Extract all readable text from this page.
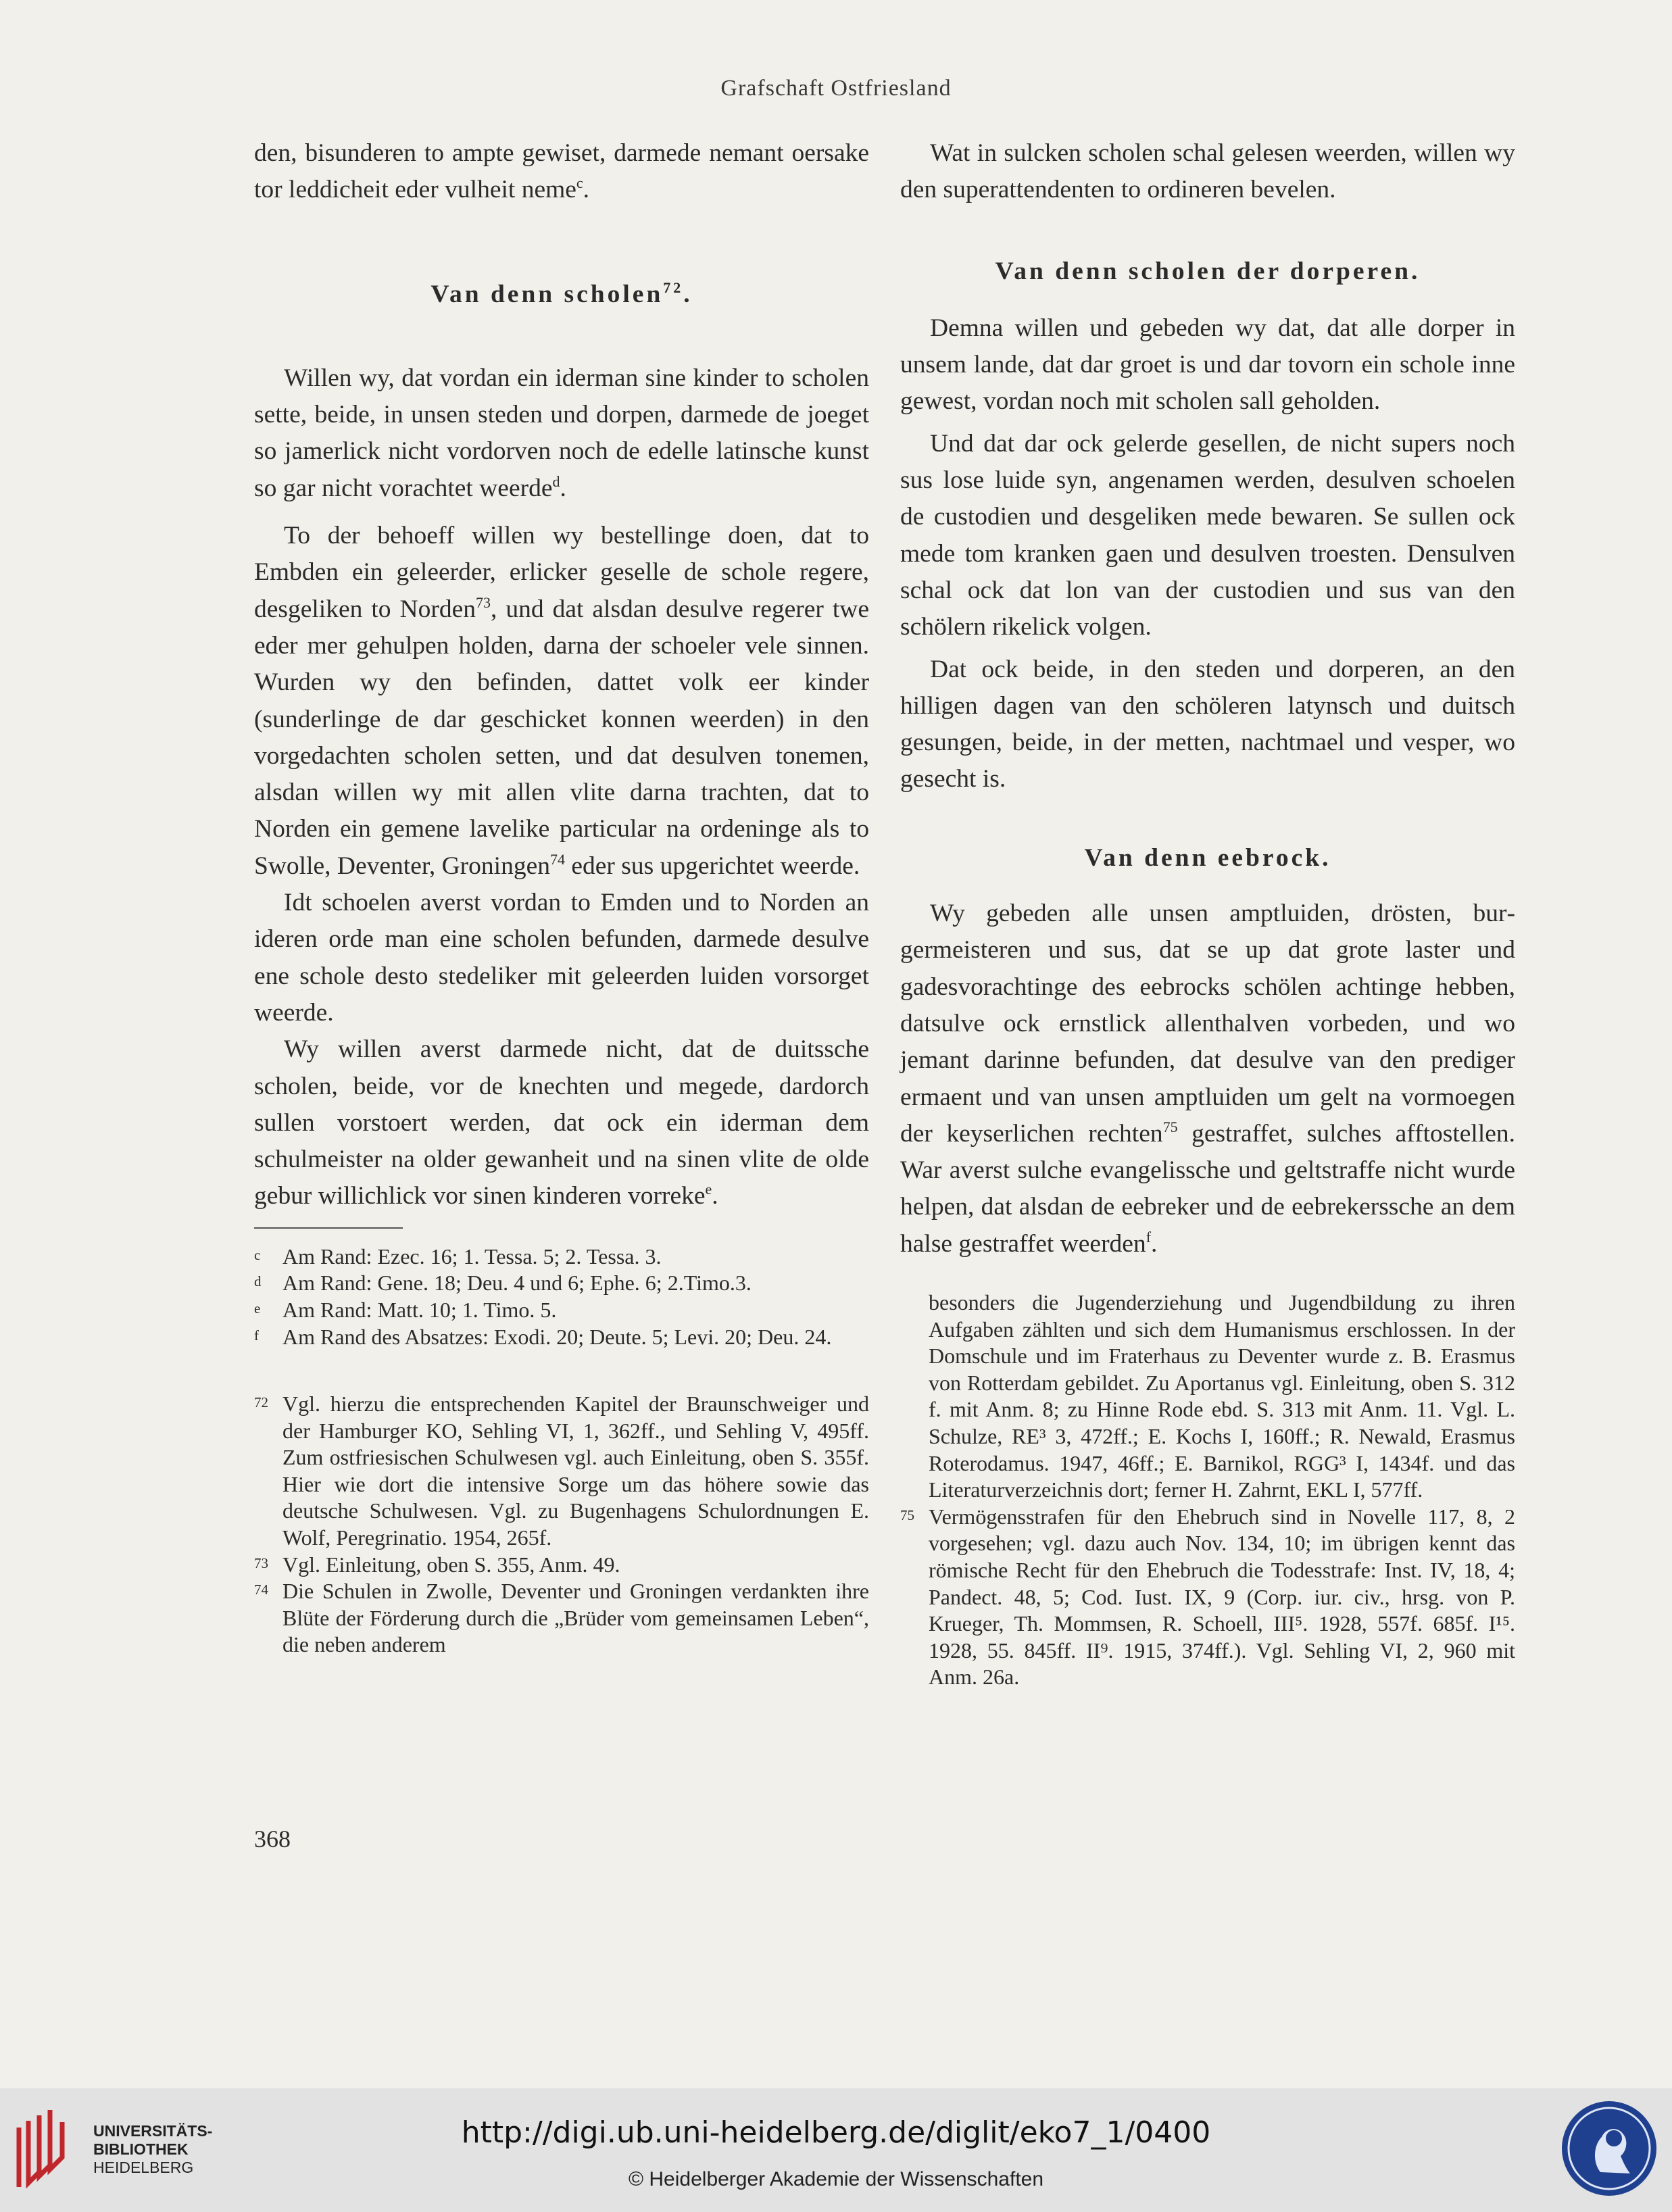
Grafschaft Ostfriesland

den, bisunderen to ampte gewiset, darmede nemant oersake tor leddicheit eder vulheit neme$^c$.

Van denn scholen$^{72}$.

Willen wy, dat vordan ein iderman sine kinder to scholen sette, beide, in unsen steden und dorpen, darmede de joeget so jamerlick nicht vordorven noch de edelle latinsche kunst so gar nicht vorachtet weerde$^d$.

To der behoeff willen wy bestellinge doen, dat to Embden ein geleerder, erlicker geselle de schole regere, desgeliken to Norden$^{73}$, und dat alsdan desulve regerer twe eder mer gehulpen holden, darna der schoeler vele sinnen. Wurden wy den befinden, dattet volk eer kinder (sunderlinge de dar geschicket konnen weerden) in den vorgedachten scholen setten, und dat desulven tonemen, alsdan willen wy mit allen vlite darna trachten, dat to Norden ein gemene lavelike particular na ordeninge als to Swolle, Deventer, Groningen$^{74}$ eder sus upgerichtet weerde.

Idt schoelen averst vordan to Emden und to Norden an ideren orde man eine scholen befunden, darmede desulve ene schole desto stedeliker mit geleerden luiden vorsorget weerde.

Wy willen averst darmede nicht, dat de duitssche scholen, beide, vor de knechten und megede, dardorch sullen vorstoert werden, dat ock ein iderman dem schulmeister na older gewanheit und na sinen vlite de olde gebur willichlick vor sinen kinderen vorreke$^e$.

c Am Rand: Ezec. 16; 1. Tessa. 5; 2. Tessa. 3.

d Am Rand: Gene. 18; Deu. 4 und 6; Ephe. 6; 2.Timo.3.

e Am Rand: Matt. 10; 1. Timo. 5.

f Am Rand des Absatzes: Exodi. 20; Deute. 5; Levi. 20; Deu. 24.

72 Vgl. hierzu die entsprechenden Kapitel der Braunschweiger und der Hamburger KO, Sehling VI, 1, 362ff., und Sehling V, 495ff. Zum ostfriesischen Schulwesen vgl. auch Einleitung, oben S. 355f. Hier wie dort die intensive Sorge um das höhere sowie das deutsche Schulwesen. Vgl. zu Bugenhagens Schulordnungen E. Wolf, Peregrinatio. 1954, 265f.

73 Vgl. Einleitung, oben S. 355, Anm. 49.

74 Die Schulen in Zwolle, Deventer und Groningen verdankten ihre Blüte der Förderung durch die „Brüder vom gemeinsamen Leben“, die neben anderem

Wat in sulcken scholen schal gelesen weerden, willen wy den superattendenten to ordineren bevelen.

Van denn scholen der dorperen.

Demna willen und gebeden wy dat, dat alle dorper in unsem lande, dat dar groet is und dar tovorn ein schole inne gewest, vordan noch mit scholen sall geholden.

Und dat dar ock gelerde gesellen, de nicht supers noch sus lose luide syn, angenamen werden, desulven schoelen de custodien und desgeliken mede bewaren. Se sullen ock mede tom kranken gaen und desulven troesten. Densulven schal ock dat lon van der custodien und sus van den schölern rikelick volgen.

Dat ock beide, in den steden und dorperen, an den hilligen dagen van den schöleren latynsch und duitsch gesungen, beide, in der metten, nachtmael und vesper, wo gesecht is.

Van denn eebrock.

Wy gebeden alle unsen amptluiden, drösten, burgermeisteren und sus, dat se up dat grote laster und gadesvorachtinge des eebrocks schölen achtinge hebben, datsulve ock ernstlick allenthalven vorbeden, und wo jemant darinne befunden, dat desulve van den prediger ermaent und van unsen amptluiden um gelt na vormoegen der keyserlichen rechten$^{75}$ gestraffet, sulches afftostellen. War averst sulche evangelissche und geltstraffe nicht wurde helpen, dat alsdan de eebreker und de eebrekerssche an dem halse gestraffet weerden$^f$.

besonders die Jugenderziehung und Jugendbildung zu ihren Aufgaben zählten und sich dem Humanismus erschlossen. In der Domschule und im Fraterhaus zu Deventer wurde z. B. Erasmus von Rotterdam gebildet. Zu Aportanus vgl. Einleitung, oben S. 312 f. mit Anm. 8; zu Hinne Rode ebd. S. 313 mit Anm. 11. Vgl. L. Schulze, RE³ 3, 472ff.; E. Kochs I, 160ff.; R. Newald, Erasmus Roterodamus. 1947, 46ff.; E. Barnikol, RGG³ I, 1434f. und das Literaturverzeichnis dort; ferner H. Zahrnt, EKL I, 577ff.

75 Vermögensstrafen für den Ehebruch sind in Novelle 117, 8, 2 vorgesehen; vgl. dazu auch Nov. 134, 10; im übrigen kennt das römische Recht für den Ehebruch die Todesstrafe: Inst. IV, 18, 4; Pandect. 48, 5; Cod. Iust. IX, 9 (Corp. iur. civ., hrsg. von P. Krueger, Th. Mommsen, R. Schoell, III⁵. 1928, 557f. 685f. I¹⁵. 1928, 55. 845ff. II⁹. 1915, 374ff.). Vgl. Sehling VI, 2, 960 mit Anm. 26a.

368
UNIVERSITÄTS-
BIBLIOTHEK
HEIDELBERG
http://digi.ub.uni-heidelberg.de/diglit/eko7_1/0400
© Heidelberger Akademie der Wissenschaften
